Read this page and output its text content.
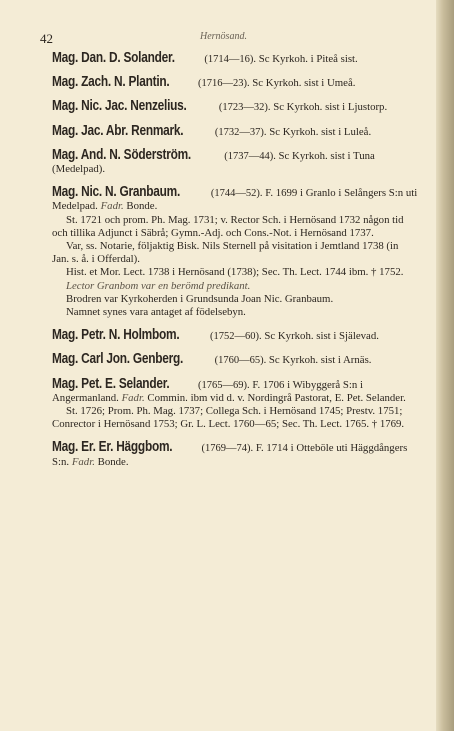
42	Hernösand.
Mag. Dan. D. Solander.	(1714—16). Sc Kyrkoh. i Piteå sist.
Mag. Zach. N. Plantin.	(1716—23). Sc Kyrkoh. sist i Umeå.
Mag. Nic. Jac. Nenzelius.	(1723—32). Sc Kyrkoh. sist i Ljustorp.
Mag. Jac. Abr. Renmark.	(1732—37). Sc Kyrkoh. sist i Luleå.
Mag. And. N. Söderström.	(1737—44). Sc Kyrkoh. sist i Tuna (Medelpad).

Mag. Nic. N. Granbaum.	(1744—52). F. 1699 i Granlo i Selångers S:n uti Medelpad. Fadr. Bonde.

St. 1721 och prom. Ph. Mag. 1731; v. Rector Sch. i Hernösand 1732 någon tid och tillika Adjunct i Säbrå; Gymn.-Adj. och Cons.-Not. i Hernösand 1737.

Var, ss. Notarie, följaktig Bisk. Nils Sternell på visitation i Jemtland 1738 (in Jan. s. å. i Offerdal).

Hist. et Mor. Lect. 1738 i Hernösand (1738); Sec. Th. Lect. 1744 ibm. † 1752.

Lector Granbom var en berömd predikant.

Brodren var Kyrkoherden i Grundsunda Joan Nic. Granbaum.

Namnet synes vara antaget af födelsebyn.

Mag. Petr. N. Holmbom.	(1752—60). Sc Kyrkoh. sist i Själevad.
Mag. Carl Jon. Genberg.	(1760—65). Sc Kyrkoh. sist i Arnäs.

Mag. Pet. E. Selander.	(1765—69). F. 1706 i Wibyggerå S:n i Angermanland. Fadr. Commin. ibm vid d. v. Nordingrå Pastorat, E. Pet. Selander.

St. 1726; Prom. Ph. Mag. 1737; Collega Sch. i Hernösand 1745; Prestv. 1751; Conrector i Hernösand 1753; Gr. L. Lect. 1760—65; Sec. Th. Lect. 1765. † 1769.

Mag. Er. Er. Häggbom.	(1769—74). F. 1714 i Otteböle uti Häggdångers S:n. Fadr. Bonde.
